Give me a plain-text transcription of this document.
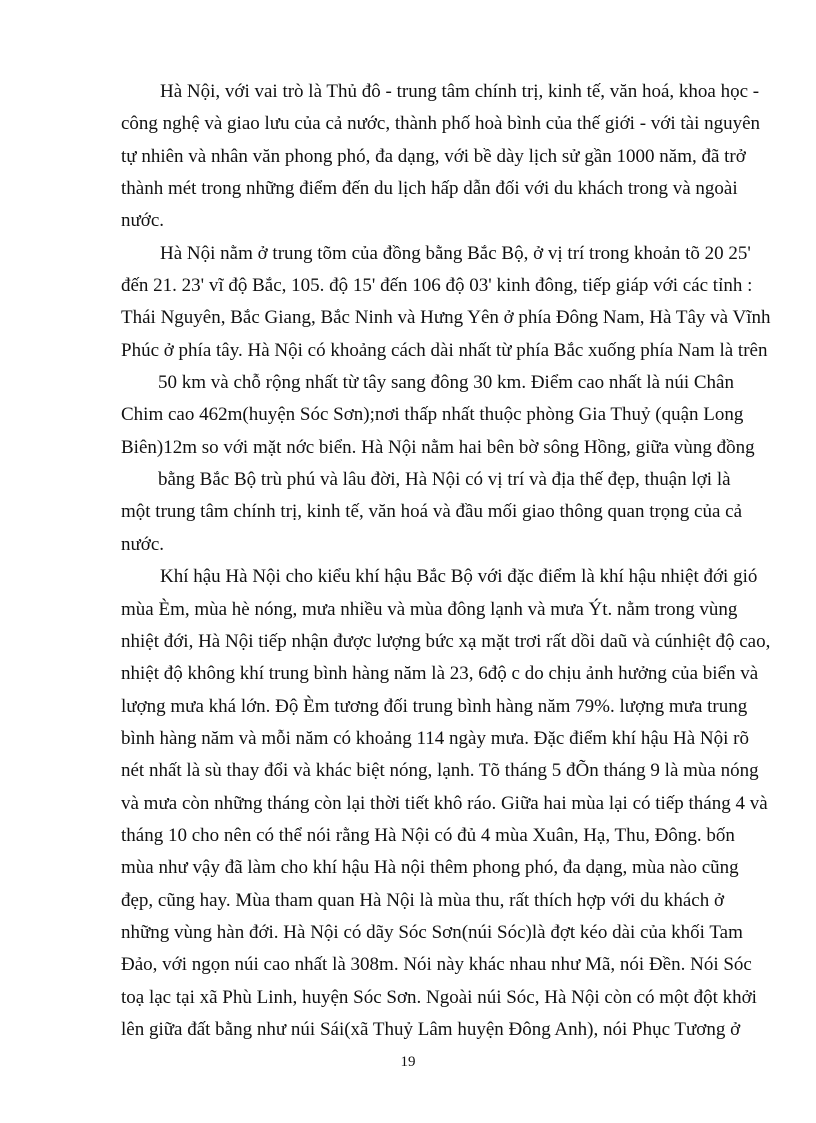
Hà Nội, với vai trò là Thủ đô - trung tâm chính trị, kinh tế, văn hoá, khoa học -
công nghệ và giao lưu của cả nước, thành phố hoà bình của thế giới - với tài nguyên
tự nhiên và nhân văn phong phó, đa dạng, với bề dày lịch sử gần 1000 năm, đã trở
thành mét trong những điểm đến du lịch hấp dẫn đối với du khách trong và ngoài
nước.
Hà Nội nằm ở trung tõm của đồng bằng Bắc Bộ, ở vị trí trong khoản tõ 20 25'
đến 21. 23' vĩ độ Bắc, 105. độ 15' đến 106 độ 03' kinh đông, tiếp giáp với các tỉnh :
Thái Nguyên, Bắc Giang, Bắc Ninh và Hưng Yên ở phía Đông Nam, Hà Tây và Vĩnh
Phúc ở phía tây. Hà Nội có khoảng cách dài nhất từ phía Bắc xuống phía Nam là trên
50 km và chỗ rộng nhất từ tây sang đông 30 km. Điểm cao nhất là núi Chân
Chim cao 462m(huyện Sóc Sơn);nơi thấp nhất thuộc phòng Gia Thuỷ (quận Long
Biên)12m so với mặt nớc biển. Hà Nội nằm hai bên bờ sông Hồng, giữa vùng đồng
bằng Bắc Bộ trù phú và lâu đời, Hà Nội có vị trí và địa thế đẹp, thuận lợi là
một trung tâm chính trị, kinh tế, văn hoá và đầu mối giao thông quan trọng của cả
nước.
Khí hậu Hà Nội cho kiểu khí hậu Bắc Bộ với đặc điểm là khí hậu nhiệt đới gió
mùa Èm, mùa hè nóng, mưa nhiều và mùa đông lạnh và mưa Ýt. nằm trong vùng
nhiệt đới, Hà Nội tiếp nhận được lượng bức xạ mặt trơi rất dồi daũ và cúnhiệt độ cao,
nhiệt độ không khí trung bình hàng năm là 23, 6độ c do chịu ảnh hưởng của biển và
lượng mưa khá lớn. Độ Èm tương đối trung bình hàng năm 79%. lượng mưa trung
bình hàng năm và mỗi năm có khoảng 114 ngày mưa. Đặc điểm khí hậu Hà Nội rõ
nét nhất là sù thay đổi và khác biệt nóng, lạnh. Tõ tháng 5 đÕn tháng 9 là mùa nóng
và mưa còn những tháng còn lại thời tiết khô ráo. Giữa hai mùa lại có tiếp tháng 4 và
tháng 10 cho nên có thể nói rằng Hà Nội có đủ 4 mùa Xuân, Hạ, Thu, Đông. bốn
mùa như vậy đã làm cho khí hậu Hà nội thêm phong phó, đa dạng, mùa nào cũng
đẹp, cũng hay. Mùa tham quan Hà Nội là mùa thu, rất thích hợp với du khách ở
những vùng hàn đới. Hà Nội có dãy Sóc Sơn(núi Sóc)là đợt kéo dài của khối Tam
Đảo, với ngọn núi cao nhất là 308m. Nói này khác nhau như Mã, nói Đền. Nói Sóc
toạ lạc tại xã Phù Linh, huyện Sóc Sơn. Ngoài núi Sóc, Hà Nội còn có một đột khởi
lên giữa đất bằng như núi Sái(xã Thuỷ Lâm huyện Đông Anh), nói Phục Tương ở
19
